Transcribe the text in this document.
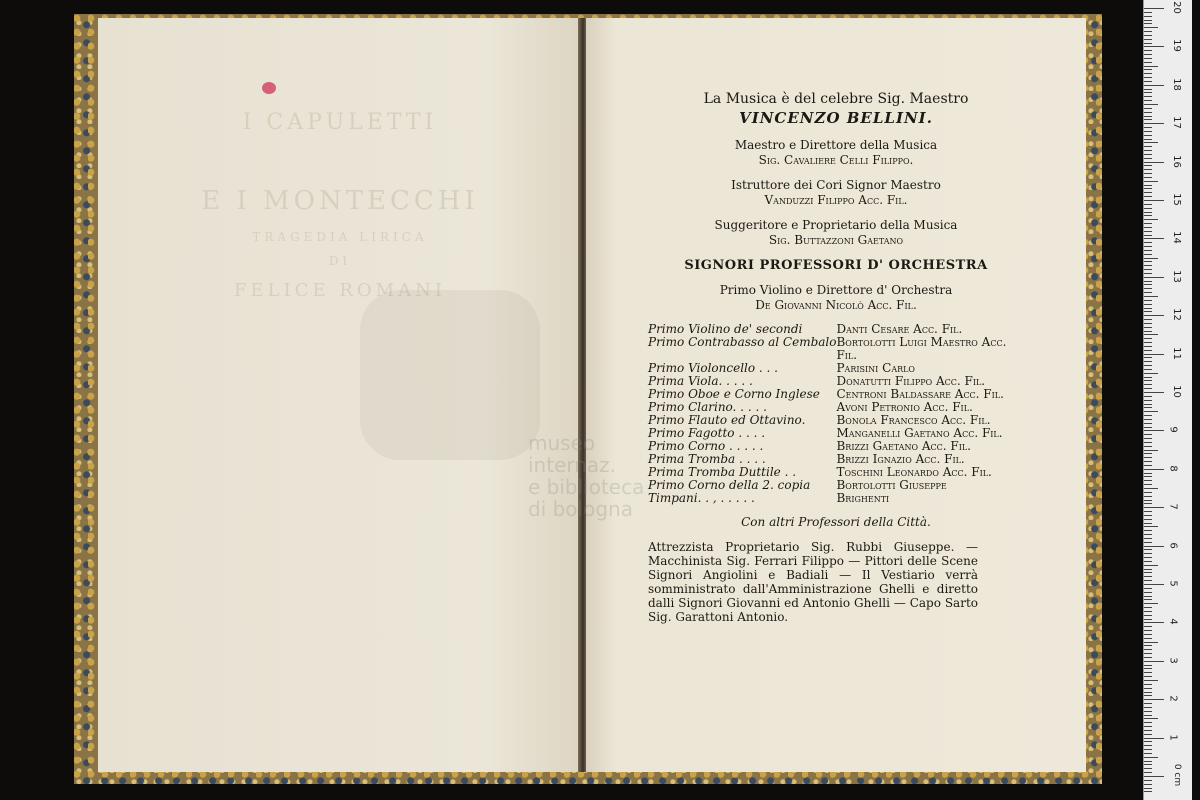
I CAPULETTI
E I MONTECCHI
TRAGEDIA LIRICA
DI
FELICE ROMANI
museo internaz.
e biblioteca
di bologna
La Musica è del celebre Sig. Maestro
VINCENZO BELLINI.
Maestro e Direttore della Musica
Sig. Cavaliere Celli Filippo.
Istruttore dei Cori Signor Maestro
Vanduzzi Filippo Acc. Fil.
Suggeritore e Proprietario della Musica
Sig. Buttazzoni Gaetano
SIGNORI PROFESSORI D' ORCHESTRA
Primo Violino e Direttore d' Orchestra
De Giovanni Nicolò Acc. Fil.
Primo Violino de' secondi	Danti Cesare Acc. Fil.
Primo Contrabasso al Cembalo	Bortolotti Luigi Maestro Acc. Fil.
Primo Violoncello . . .	Parisini Carlo
Prima Viola. . . . .	Donatutti Filippo Acc. Fil.
Primo Oboe e Corno Inglese	Centroni Baldassare Acc. Fil.
Primo Clarino. . . . .	Avoni Petronio Acc. Fil.
Primo Flauto ed Ottavino.	Bonola Francesco Acc. Fil.
Primo Fagotto . . . .	Manganelli Gaetano Acc. Fil.
Primo Corno . . . . .	Brizzi Gaetano Acc. Fil.
Prima Tromba . . . .	Brizzi Ignazio Acc. Fil.
Prima Tromba Duttile . .	Toschini Leonardo Acc. Fil.
Primo Corno della 2. copia	Bortolotti Giuseppe
Timpani. . , . . . . .	Brighenti
Con altri Professori della Città.
Attrezzista Proprietario Sig. Rubbi Giuseppe. — Macchinista Sig. Ferrari Filippo — Pittori delle Scene Signori Angiolini e Badiali — Il Vestiario verrà somministrato dall'Amministrazione Ghelli e diretto dalli Signori Giovanni ed Antonio Ghelli — Capo Sarto Sig. Garattoni Antonio.
20
19
18
17
16
15
14
13
12
11
10
9
8
7
6
5
4
3
2
1
0 cm
